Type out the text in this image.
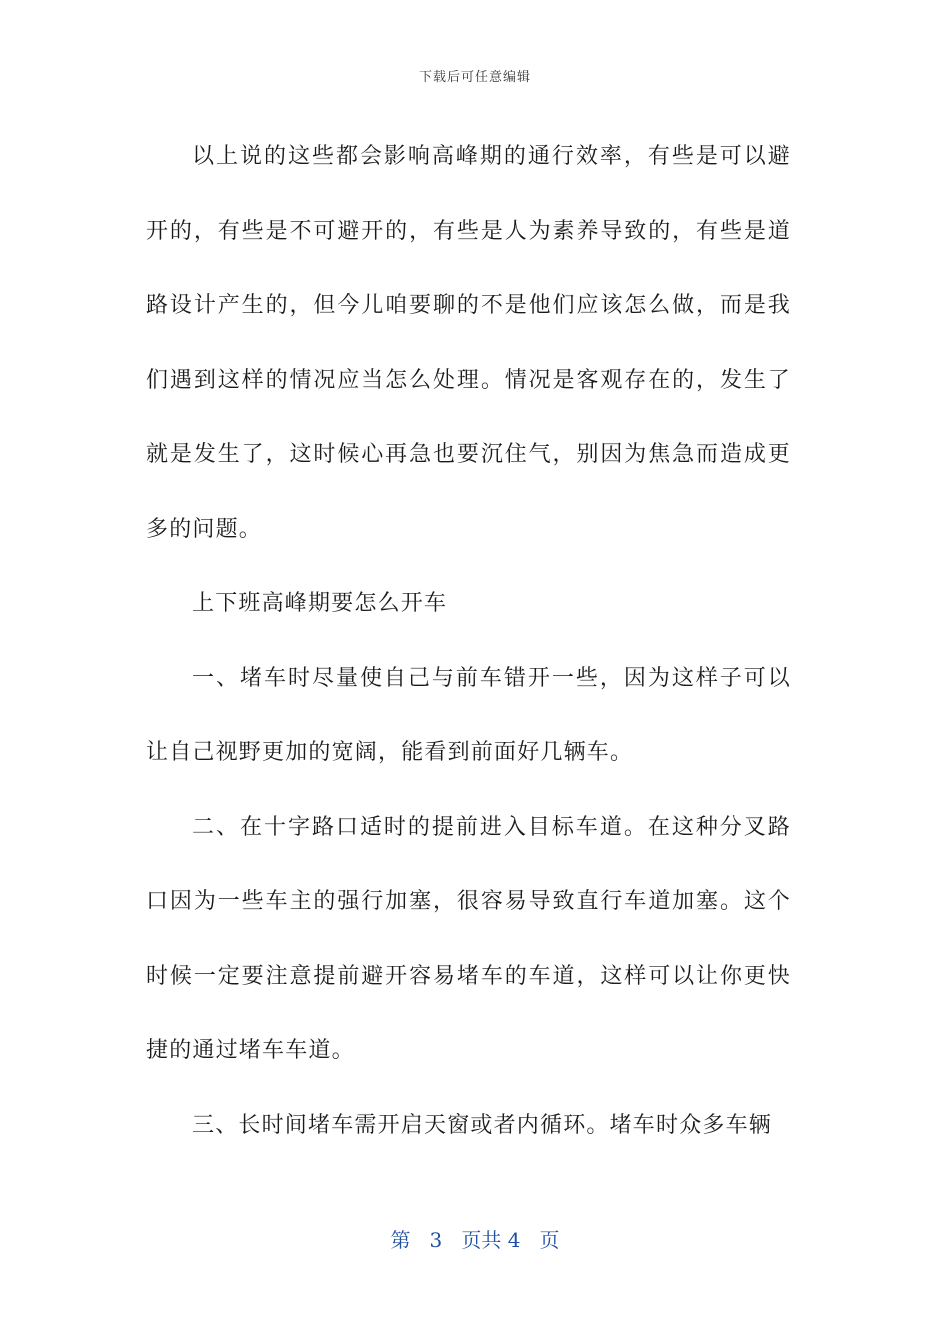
下载后可任意编辑

以上说的这些都会影响高峰期的通行效率，有些是可以避开的，有些是不可避开的，有些是人为素养导致的，有些是道路设计产生的，但今儿咱要聊的不是他们应该怎么做，而是我们遇到这样的情况应当怎么处理。情况是客观存在的，发生了就是发生了，这时候心再急也要沉住气，别因为焦急而造成更多的问题。

上下班高峰期要怎么开车

一、堵车时尽量使自己与前车错开一些，因为这样子可以让自己视野更加的宽阔，能看到前面好几辆车。

二、在十字路口适时的提前进入目标车道。在这种分叉路口因为一些车主的强行加塞，很容易导致直行车道加塞。这个时候一定要注意提前避开容易堵车的车道，这样可以让你更快捷的通过堵车车道。

三、长时间堵车需开启天窗或者内循环。堵车时众多车辆

第 3 页共 4 页
